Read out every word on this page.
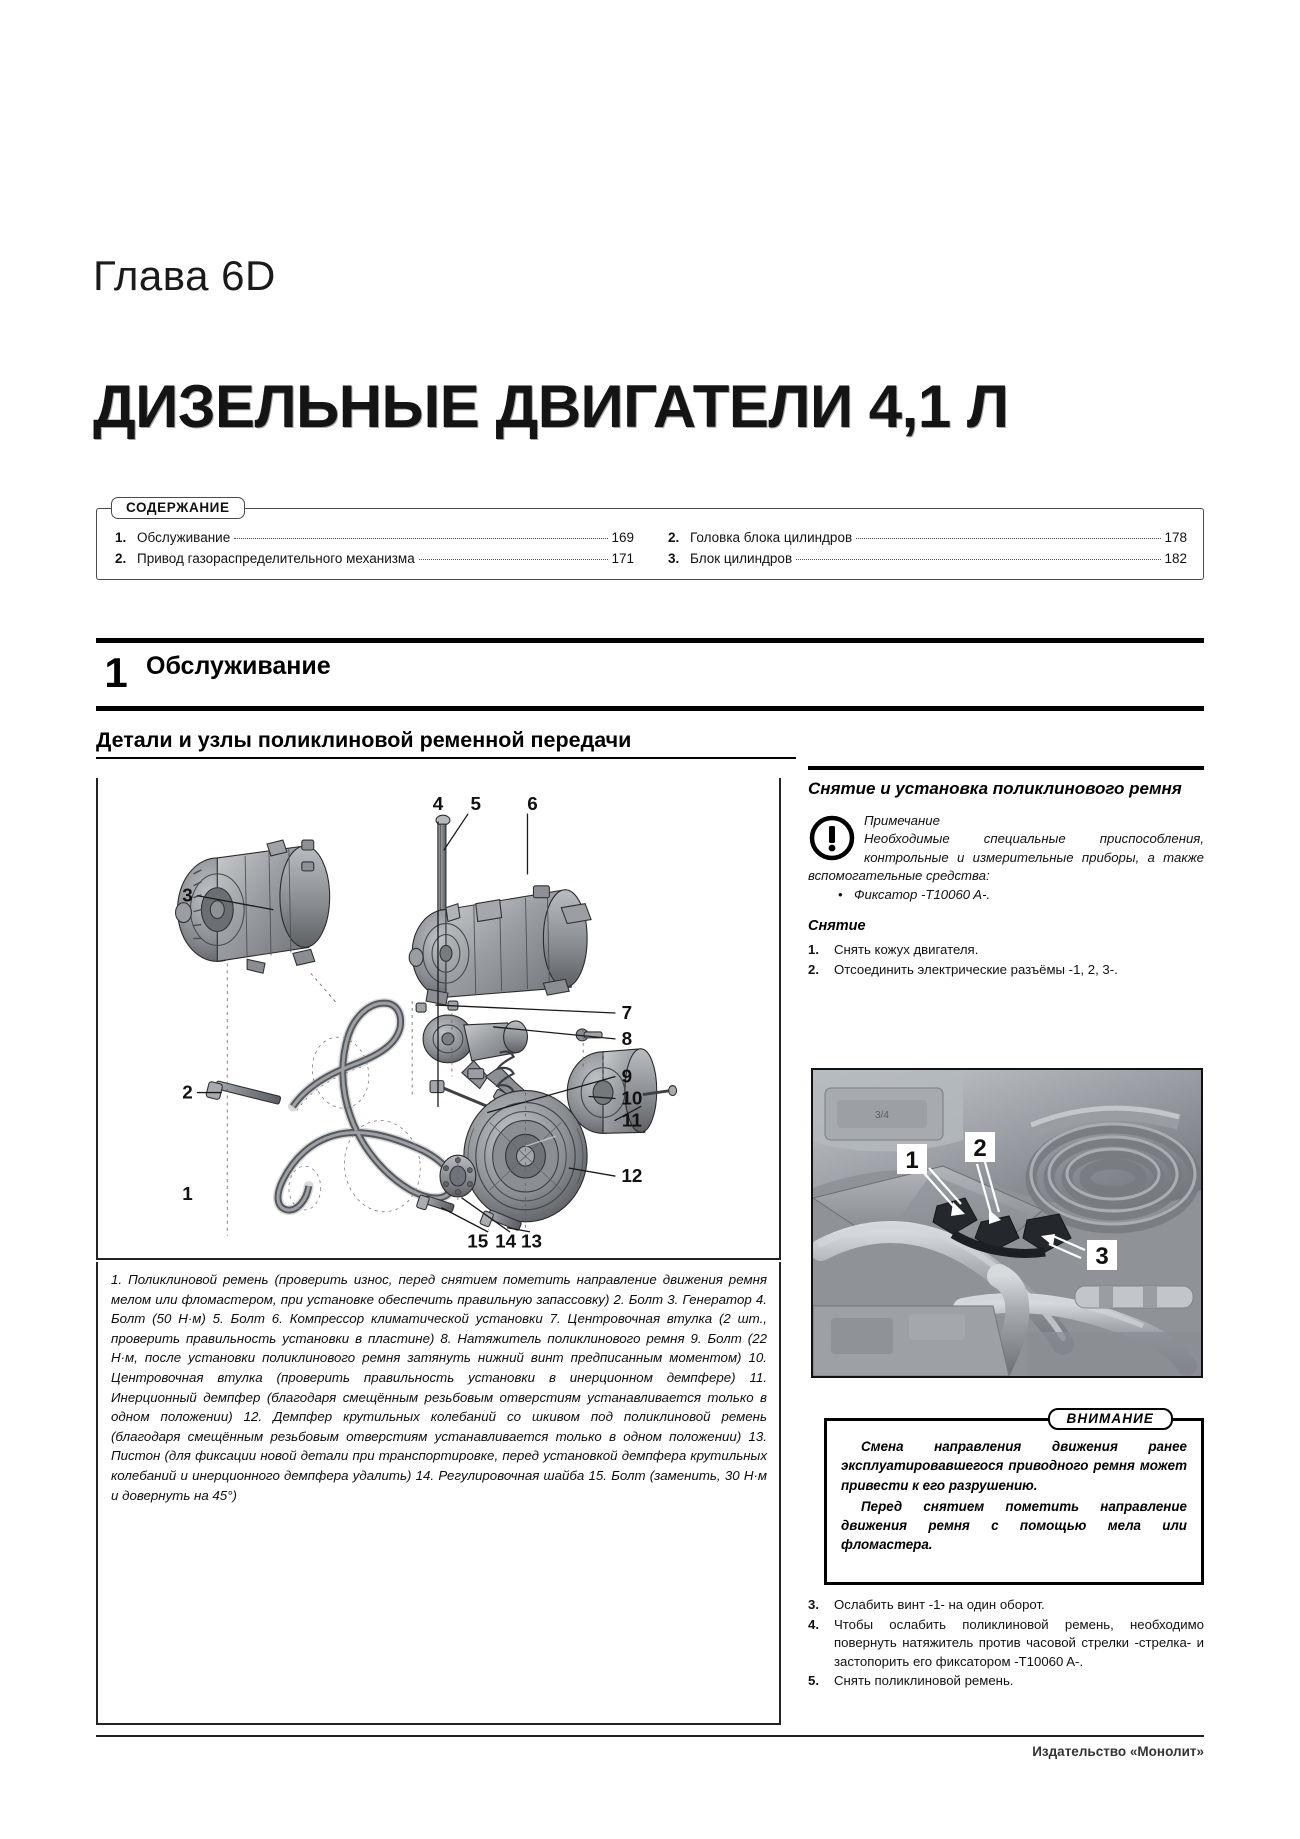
Глава 6D
ДИЗЕЛЬНЫЕ ДВИГАТЕЛИ 4,1 Л
СОДЕРЖАНИЕ
1. Обслуживание	169
2. Привод газораспределительного механизма	171
2. Головка блока цилиндров	178
3. Блок цилиндров	182
1 Обслуживание
Детали и узлы поликлиновой ременной передачи
1
2
3
4 5 6
7
8
9
10
11
12
13
14
15

1. Поликлиновой ремень (проверить износ, перед снятием пометить направление движения ремня мелом или фломастером, при установке обеспечить правильную запассовку) 2. Болт 3. Генератор 4. Болт (50 Н·м) 5. Болт 6. Компрессор климатической установки 7. Центровочная втулка (2 шт., проверить правильность установки в пластине) 8. Натяжитель поликлинового ремня 9. Болт (22 Н·м, после установки поликлинового ремня затянуть нижний винт предписанным моментом) 10. Центровочная втулка (проверить правильность установки в инерционном демпфере) 11. Инерционный демпфер (благодаря смещённым резьбовым отверстиям устанавливается только в одном положении) 12. Демпфер крутильных колебаний со шкивом под поликлиновой ремень (благодаря смещённым резьбовым отверстиям устанавливается только в одном положении) 13. Пистон (для фиксации новой детали при транспортировке, перед установкой демпфера крутильных колебаний и инерционного демпфера удалить) 14. Регулировочная шайба 15. Болт (заменить, 30 Н·м и довернуть на 45°)

Снятие и установка поликлинового ремня

Примечание

Необходимые специальные приспособления, контрольные и измерительные приборы, а также вспомогательные средства:

• Фиксатор -T10060 A-.

Снятие
1.	Снять кожух двигателя.
2.	Отсоединить электрические разъёмы -1, 2, 3-.
3/4
1 2
3
ВНИМАНИЕ

Смена направления движения ранее эксплуатировавшегося приводного ремня может привести к его разрушению.

Перед снятием пометить направление движения ремня с помощью мела или фломастера.

3.	Ослабить винт -1- на один оборот.
4.	Чтобы ослабить поликлиновой ремень, необходимо повернуть натяжитель против часовой стрелки -стрелка- и застопорить его фиксатором -T10060 A-.
5.	Снять поликлиновой ремень.
Издательство «Монолит»
